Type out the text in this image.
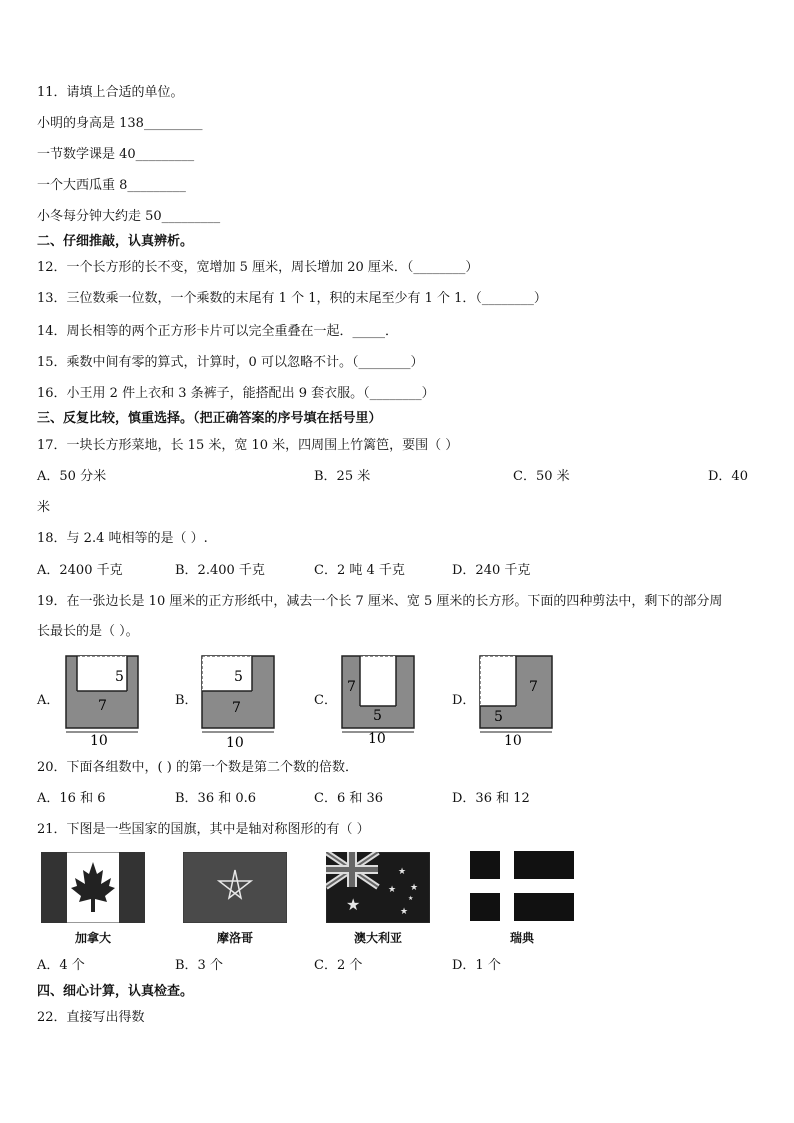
11．请填上合适的单位。
小明的身高是 138_________
一节数学课是 40_________
一个大西瓜重 8_________
小冬每分钟大约走 50_________
二、仔细推敲，认真辨析。
12．一个长方形的长不变，宽增加 5 厘米，周长增加 20 厘米．（________）
13．三位数乘一位数，一个乘数的末尾有 1 个 1，积的末尾至少有 1 个 1．（________）
14．周长相等的两个正方形卡片可以完全重叠在一起．_____．
15．乘数中间有零的算式，计算时，0 可以忽略不计。（________）
16．小王用 2 件上衣和 3 条裤子，能搭配出 9 套衣服。（________）
三、反复比较，慎重选择。（把正确答案的序号填在括号里）
17．一块长方形菜地，长 15 米，宽 10 米，四周围上竹篱笆，要围（ ）
A．50 分米	B．25 米	C．50 米	D．40
米
18．与 2.4 吨相等的是（ ）.
A．2400 千克	B．2.400 千克	C．2 吨 4 千克	D．240 千克
19．在一张边长是 10 厘米的正方形纸中，减去一个长 7 厘米、宽 5 厘米的长方形。下面的四种剪法中，剩下的部分周
长最长的是（ ）。
A．
5
7
10
B．
5
7
10
C．
7
5
10
D．
7
5
10
20．下面各组数中，( ) 的第一个数是第二个数的倍数．
A．16 和 6	B．36 和 0.6	C．6 和 36	D．36 和 12
21．下图是一些国家的国旗，其中是轴对称图形的有（ ）
加拿大	摩洛哥
★
★
★ ★
★
★
澳大利亚	瑞典
A．4 个	B．3 个	C．2 个	D．1 个
四、细心计算，认真检查。
22．直接写出得数
